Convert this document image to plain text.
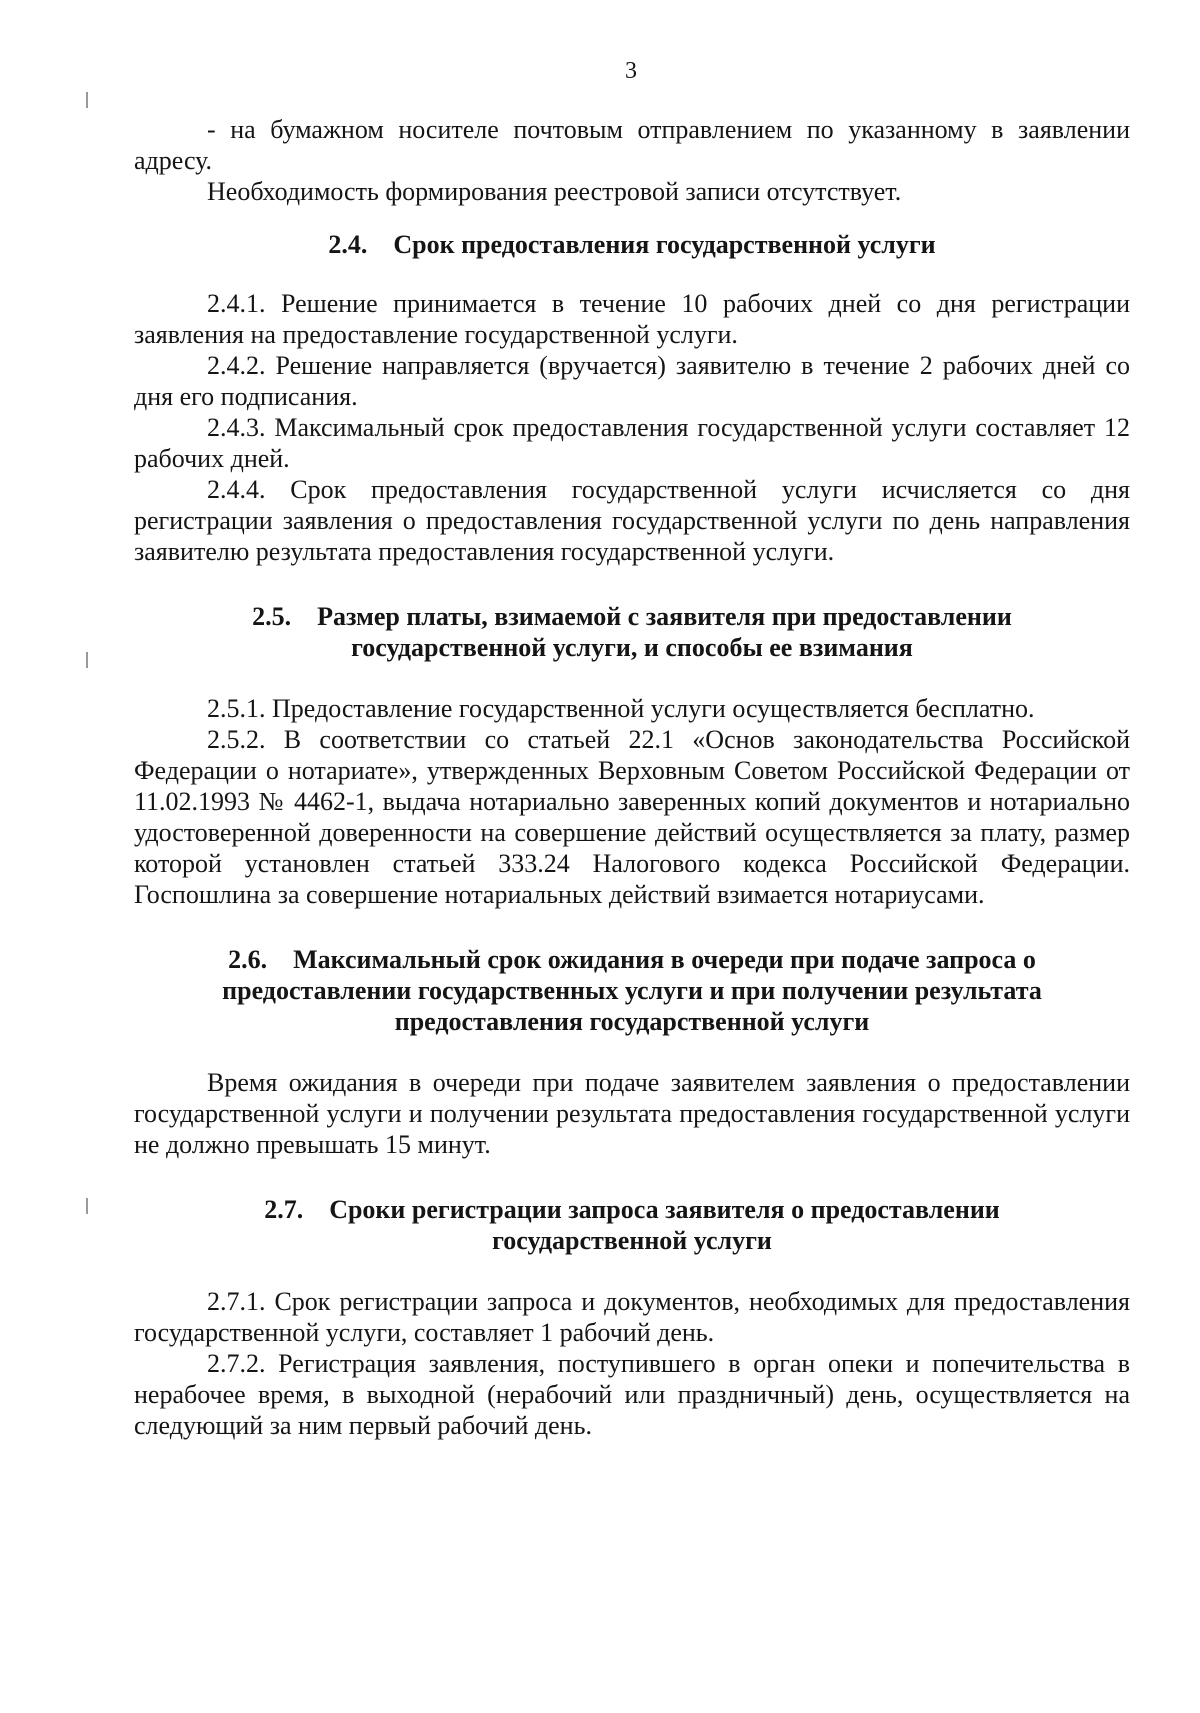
3

- на бумажном носителе почтовым отправлением по указанному в заявлении адресу.

Необходимость формирования реестровой записи отсутствует.

2.4. Срок предоставления государственной услуги

2.4.1. Решение принимается в течение 10 рабочих дней со дня регистрации заявления на предоставление государственной услуги.

2.4.2. Решение направляется (вручается) заявителю в течение 2 рабочих дней со дня его подписания.

2.4.3. Максимальный срок предоставления государственной услуги составляет 12 рабочих дней.

2.4.4. Срок предоставления государственной услуги исчисляется со дня регистрации заявления о предоставления государственной услуги по день направления заявителю результата предоставления государственной услуги.

2.5. Размер платы, взимаемой с заявителя при предоставлении государственной услуги, и способы ее взимания

2.5.1. Предоставление государственной услуги осуществляется бесплатно.

2.5.2. В соответствии со статьей 22.1 «Основ законодательства Российской Федерации о нотариате», утвержденных Верховным Советом Российской Федерации от 11.02.1993 № 4462-1, выдача нотариально заверенных копий документов и нотариально удостоверенной доверенности на совершение действий осуществляется за плату, размер которой установлен статьей 333.24 Налогового кодекса Российской Федерации. Госпошлина за совершение нотариальных действий взимается нотариусами.

2.6. Максимальный срок ожидания в очереди при подаче запроса о предоставлении государственных услуги и при получении результата предоставления государственной услуги

Время ожидания в очереди при подаче заявителем заявления о предоставлении государственной услуги и получении результата предоставления государственной услуги не должно превышать 15 минут.

2.7. Сроки регистрации запроса заявителя о предоставлении государственной услуги

2.7.1. Срок регистрации запроса и документов, необходимых для предоставления государственной услуги, составляет 1 рабочий день.

2.7.2. Регистрация заявления, поступившего в орган опеки и попечительства в нерабочее время, в выходной (нерабочий или праздничный) день, осуществляется на следующий за ним первый рабочий день.
